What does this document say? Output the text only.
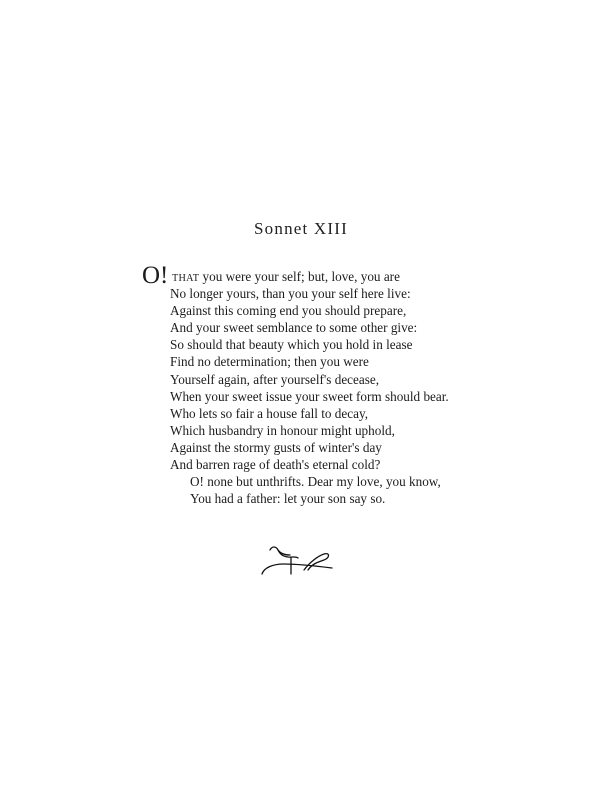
Sonnet XIII
O! THAT you were your self; but, love, you are
No longer yours, than you your self here live:
Against this coming end you should prepare,
And your sweet semblance to some other give:
So should that beauty which you hold in lease
Find no determination; then you were
Yourself again, after yourself's decease,
When your sweet issue your sweet form should bear.
Who lets so fair a house fall to decay,
Which husbandry in honour might uphold,
Against the stormy gusts of winter's day
And barren rage of death's eternal cold?
O! none but unthrifts. Dear my love, you know,
You had a father: let your son say so.
